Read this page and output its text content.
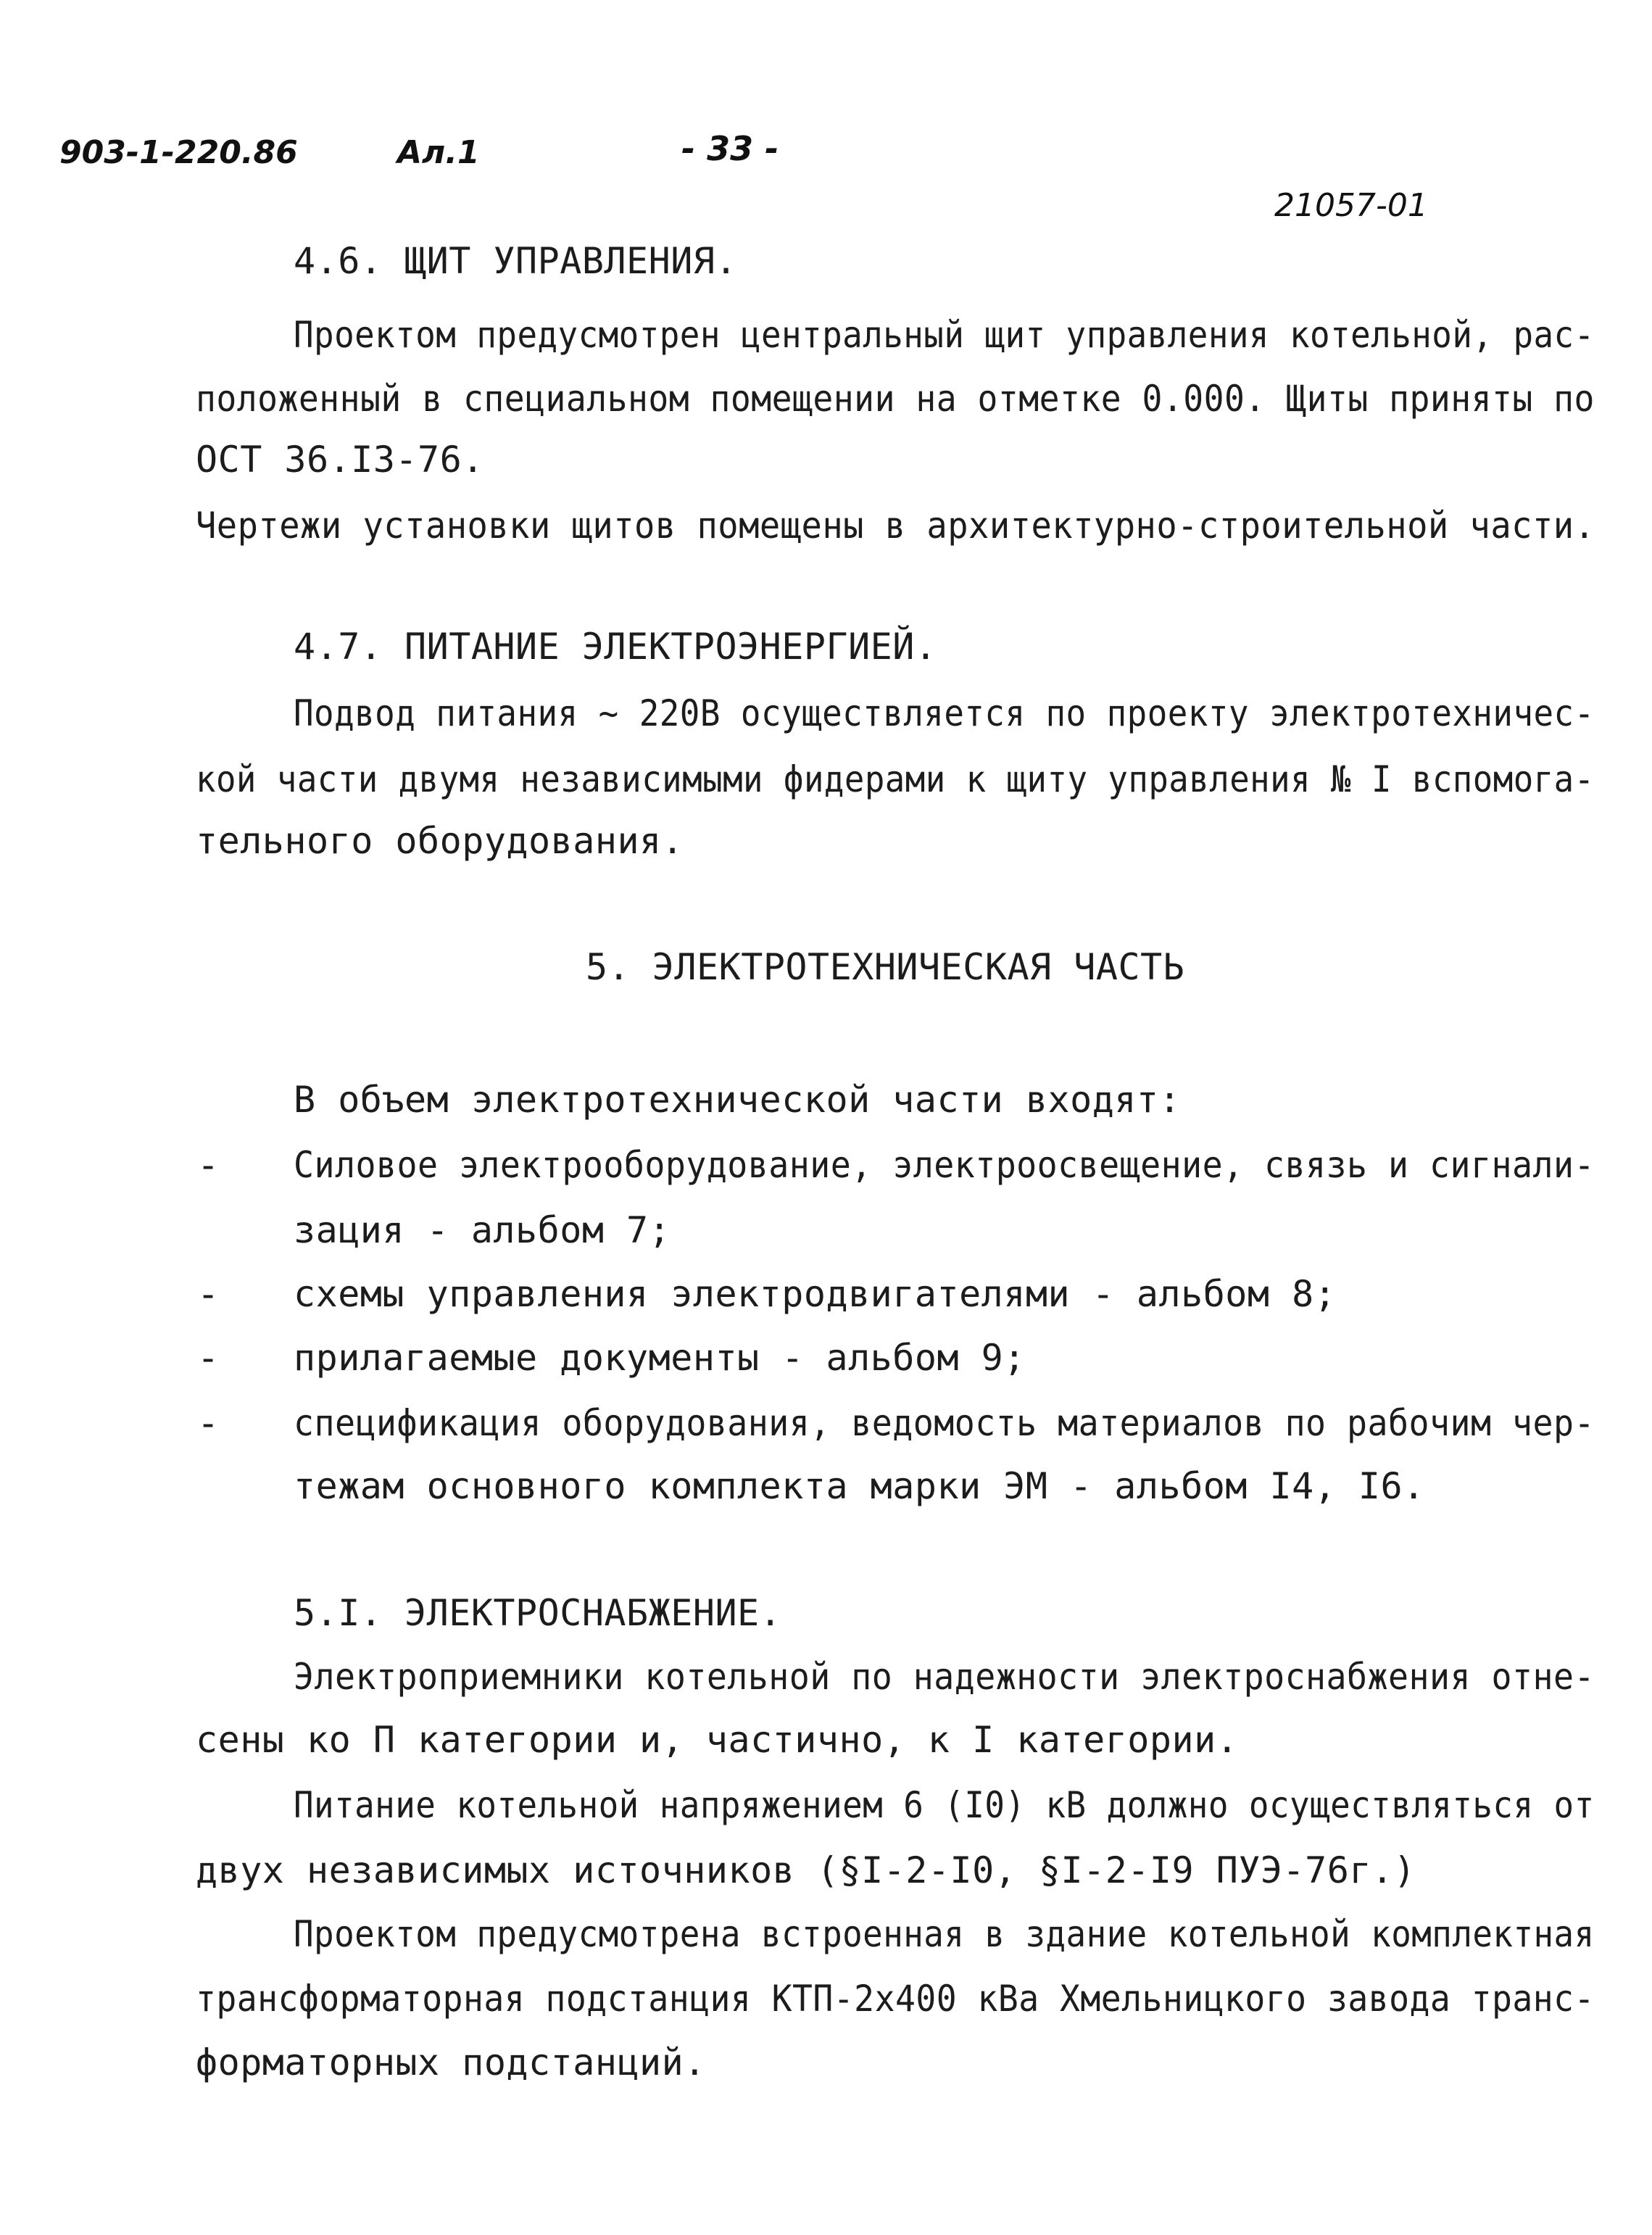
903-1-220.86	Ал.1	- 33 -
21057-01
4.6. ЩИТ УПРАВЛЕНИЯ.
Проектом предусмотрен центральный щит управления котельной, рас-
положенный в специальном помещении на отметке 0.000. Щиты приняты по
ОСТ 36.I3-76.
Чертежи установки щитов помещены в архитектурно-строительной части.
4.7. ПИТАНИЕ ЭЛЕКТРОЭНЕРГИЕЙ.
Подвод питания ~ 220В осуществляется по проекту электротехничес-
кой части двумя независимыми фидерами к щиту управления № I вспомога-
тельного оборудования.
5. ЭЛЕКТРОТЕХНИЧЕСКАЯ ЧАСТЬ
В объем электротехнической части входят:
- Силовое электрооборудование, электроосвещение, связь и сигнали-
зация - альбом 7;
- схемы управления электродвигателями - альбом 8;
- прилагаемые документы - альбом 9;
- спецификация оборудования, ведомость материалов по рабочим чер-
тежам основного комплекта марки ЭМ - альбом I4, I6.
5.I. ЭЛЕКТРОСНАБЖЕНИЕ.
Электроприемники котельной по надежности электроснабжения отне-
сены ко П категории и, частично, к I категории.
Питание котельной напряжением 6 (I0) кВ должно осуществляться от
двух независимых источников (§I-2-I0, §I-2-I9 ПУЭ-76г.)
Проектом предусмотрена встроенная в здание котельной комплектная
трансформаторная подстанция КТП-2х400 кВа Хмельницкого завода транс-
форматорных подстанций.
